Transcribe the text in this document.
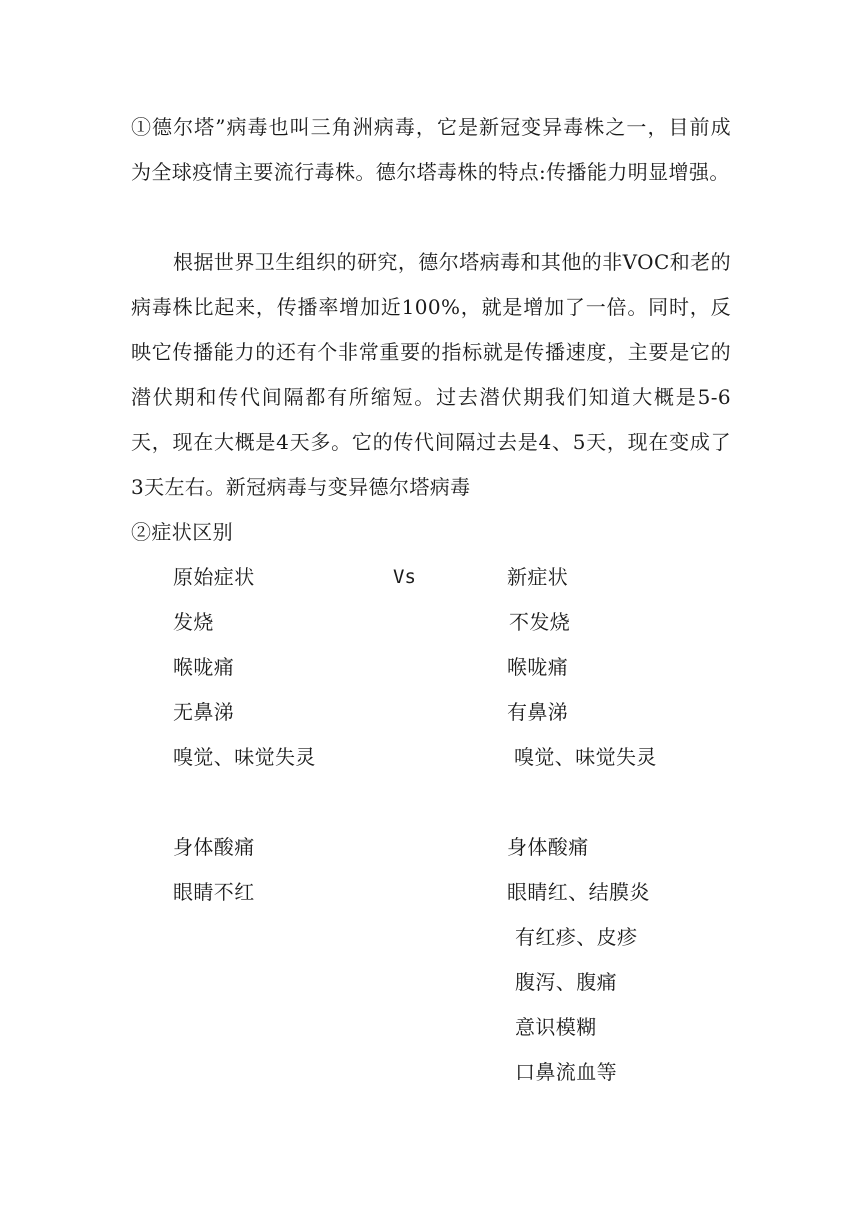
①德尔塔”病毒也叫三角洲病毒，它是新冠变异毒株之一，目前成为全球疫情主要流行毒株。德尔塔毒株的特点:传播能力明显增强。

根据世界卫生组织的研究，德尔塔病毒和其他的非VOC和老的病毒株比起来，传播率增加近100%，就是增加了一倍。同时，反映它传播能力的还有个非常重要的指标就是传播速度，主要是它的潜伏期和传代间隔都有所缩短。过去潜伏期我们知道大概是5-6天，现在大概是4天多。它的传代间隔过去是4、5天，现在变成了3天左右。新冠病毒与变异德尔塔病毒

②症状区别

原始症状	Vs	新症状
发烧
喉咙痛
无鼻涕
嗅觉、味觉失灵
身体酸痛
眼睛不红
不发烧
喉咙痛
有鼻涕
嗅觉、味觉失灵
身体酸痛
眼睛红、结膜炎
有红疹、皮疹
腹泻、腹痛
意识模糊
口鼻流血等
